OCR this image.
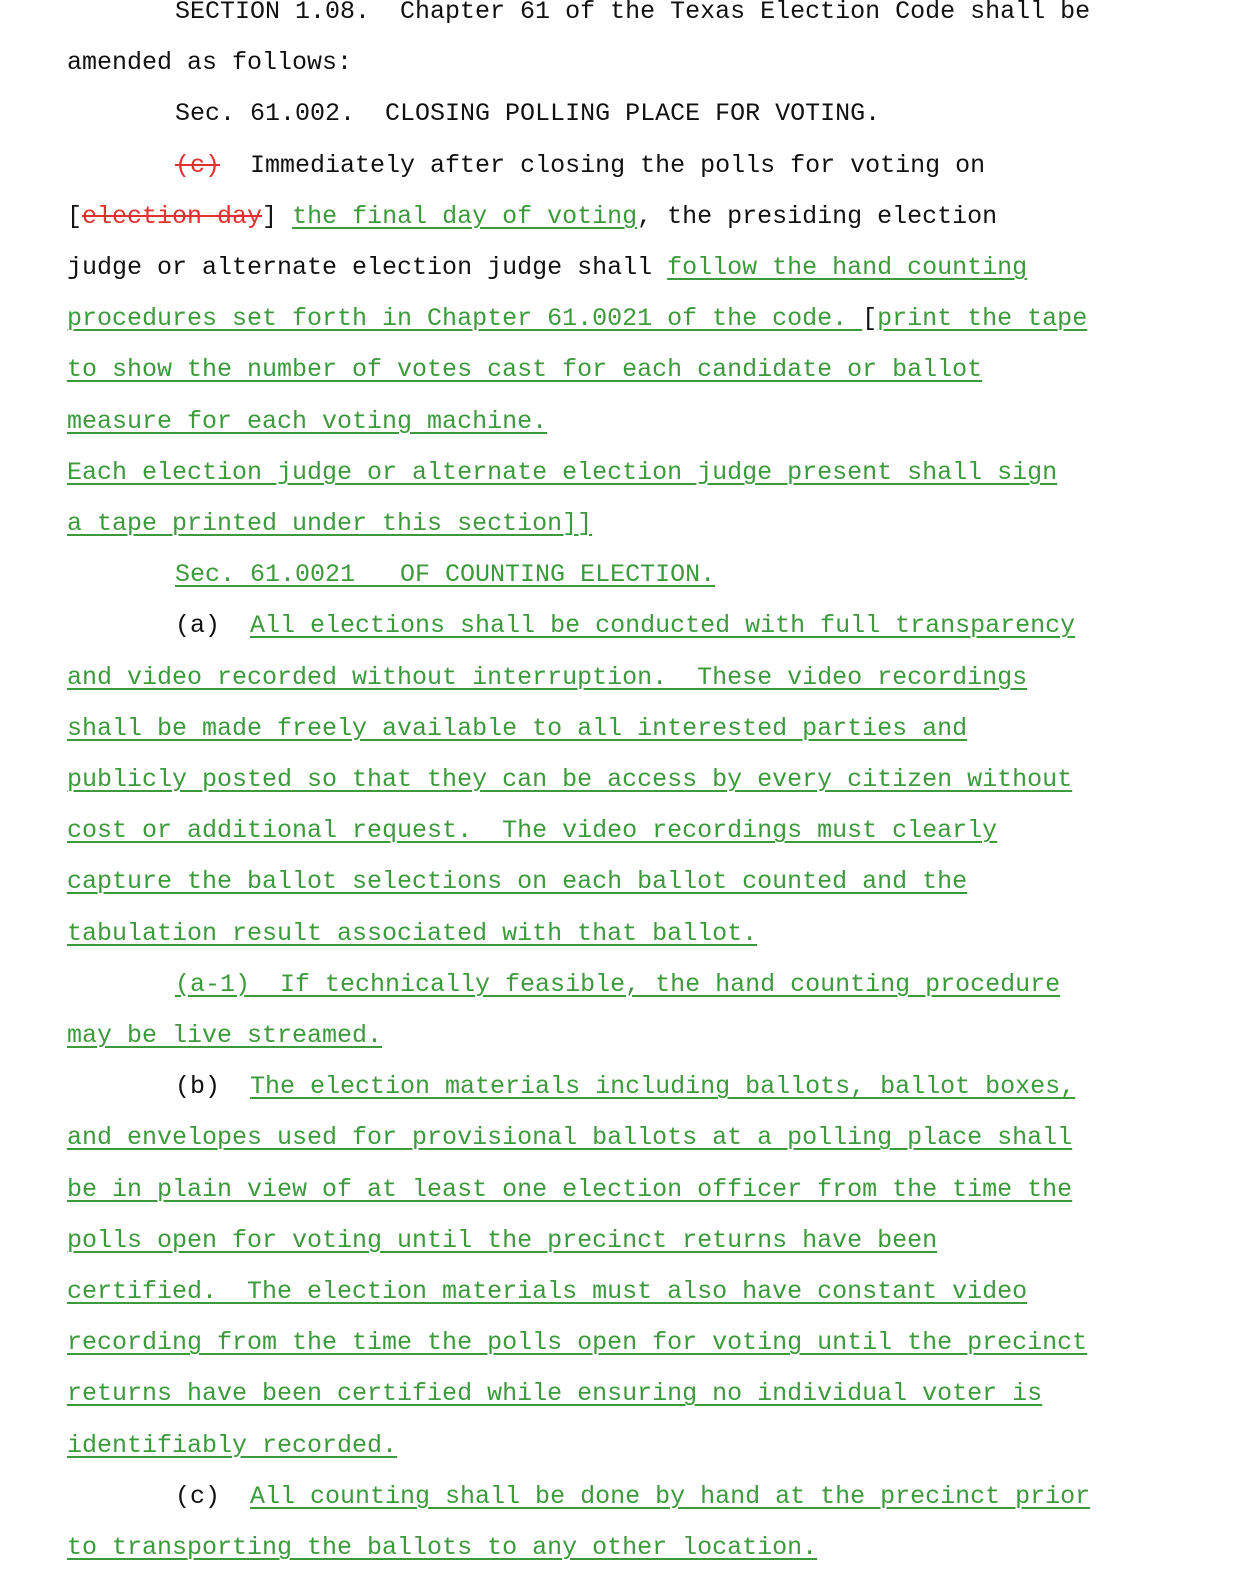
SECTION 1.08.  Chapter 61 of the Texas Election Code shall be
amended as follows:
Sec. 61.002.  CLOSING POLLING PLACE FOR VOTING.
(c)  Immediately after closing the polls for voting on
[election day] the final day of voting, the presiding election
judge or alternate election judge shall follow the hand counting
procedures set forth in Chapter 61.0021 of the code. [print the tape
to show the number of votes cast for each candidate or ballot
measure for each voting machine.
Each election judge or alternate election judge present shall sign
a tape printed under this section]]
Sec. 61.0021   OF COUNTING ELECTION.
(a)  All elections shall be conducted with full transparency
and video recorded without interruption.  These video recordings
shall be made freely available to all interested parties and
publicly posted so that they can be access by every citizen without
cost or additional request.  The video recordings must clearly
capture the ballot selections on each ballot counted and the
tabulation result associated with that ballot.
(a-1)  If technically feasible, the hand counting procedure
may be live streamed.
(b)  The election materials including ballots, ballot boxes,
and envelopes used for provisional ballots at a polling place shall
be in plain view of at least one election officer from the time the
polls open for voting until the precinct returns have been
certified.  The election materials must also have constant video
recording from the time the polls open for voting until the precinct
returns have been certified while ensuring no individual voter is
identifiably recorded.
(c)  All counting shall be done by hand at the precinct prior
to transporting the ballots to any other location.
